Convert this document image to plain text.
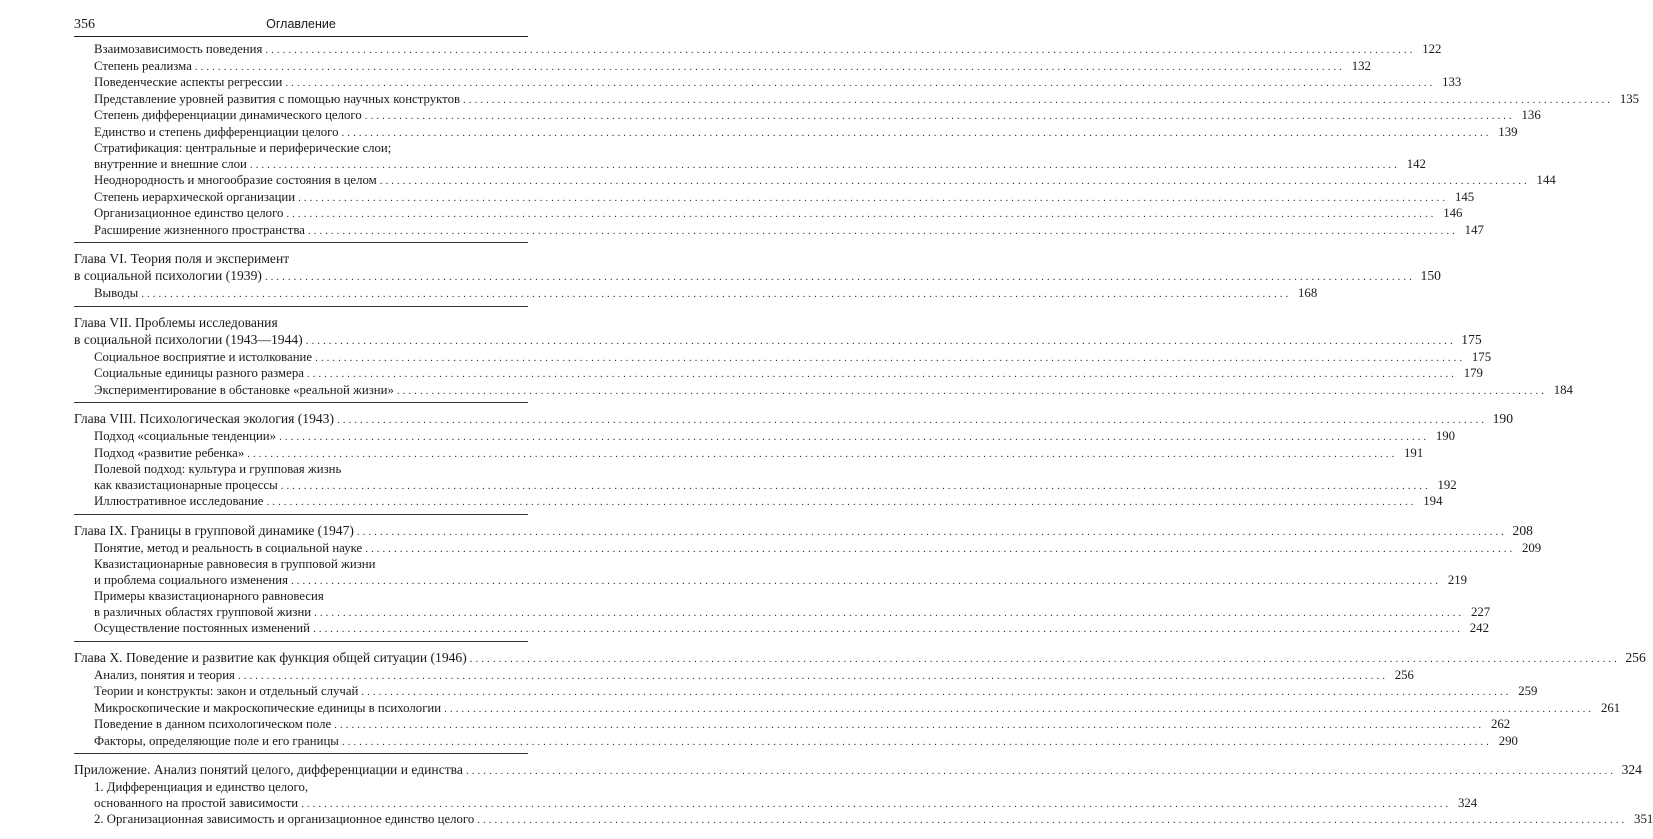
356	Оглавление
Взаимозависимость поведения ........................................................................................................................................................................................................ 122
Степень реализма ........................................................................................................................................................................................................ 132
Поведенческие аспекты регрессии ........................................................................................................................................................................................................ 133
Представление уровней развития с помощью научных конструктов ........................................................................................................................................................................................................ 135
Степень дифференциации динамического целого ........................................................................................................................................................................................................ 136
Единство и степень дифференциации целого ........................................................................................................................................................................................................ 139
Стратификация: центральные и периферические слои;
внутренние и внешние слои ........................................................................................................................................................................................................ 142
Неоднородность и многообразие состояния в целом ........................................................................................................................................................................................................ 144
Степень иерархической организации ........................................................................................................................................................................................................ 145
Организационное единство целого ........................................................................................................................................................................................................ 146
Расширение жизненного пространства ........................................................................................................................................................................................................ 147
Глава VI. Теория поля и эксперимент
в социальной психологии (1939) ........................................................................................................................................................................................................ 150
Выводы ........................................................................................................................................................................................................ 168
Глава VII. Проблемы исследования
в социальной психологии (1943—1944) ........................................................................................................................................................................................................ 175
Социальное восприятие и истолкование ........................................................................................................................................................................................................ 175
Социальные единицы разного размера ........................................................................................................................................................................................................ 179
Экспериментирование в обстановке «реальной жизни» ........................................................................................................................................................................................................ 184
Глава VIII. Психологическая экология (1943) ........................................................................................................................................................................................................ 190
Подход «социальные тенденции» ........................................................................................................................................................................................................ 190
Подход «развитие ребенка» ........................................................................................................................................................................................................ 191
Полевой подход: культура и групповая жизнь
как квазистационарные процессы ........................................................................................................................................................................................................ 192
Иллюстративное исследование ........................................................................................................................................................................................................ 194
Глава IX. Границы в групповой динамике (1947) ........................................................................................................................................................................................................ 208
Понятие, метод и реальность в социальной науке ........................................................................................................................................................................................................ 209
Квазистационарные равновесия в групповой жизни
и проблема социального изменения ........................................................................................................................................................................................................ 219
Примеры квазистационарного равновесия
в различных областях групповой жизни ........................................................................................................................................................................................................ 227
Осуществление постоянных изменений ........................................................................................................................................................................................................ 242
Глава X. Поведение и развитие как функция общей ситуации (1946) ........................................................................................................................................................................................................ 256
Анализ, понятия и теория ........................................................................................................................................................................................................ 256
Теории и конструкты: закон и отдельный случай ........................................................................................................................................................................................................ 259
Микроскопические и макроскопические единицы в психологии ........................................................................................................................................................................................................ 261
Поведение в данном психологическом поле ........................................................................................................................................................................................................ 262
Факторы, определяющие поле и его границы ........................................................................................................................................................................................................ 290
Приложение. Анализ понятий целого, дифференциации и единства ........................................................................................................................................................................................................ 324
1. Дифференциация и единство целого,
основанного на простой зависимости ........................................................................................................................................................................................................ 324
2. Организационная зависимость и организационное единство целого ........................................................................................................................................................................................................ 351
